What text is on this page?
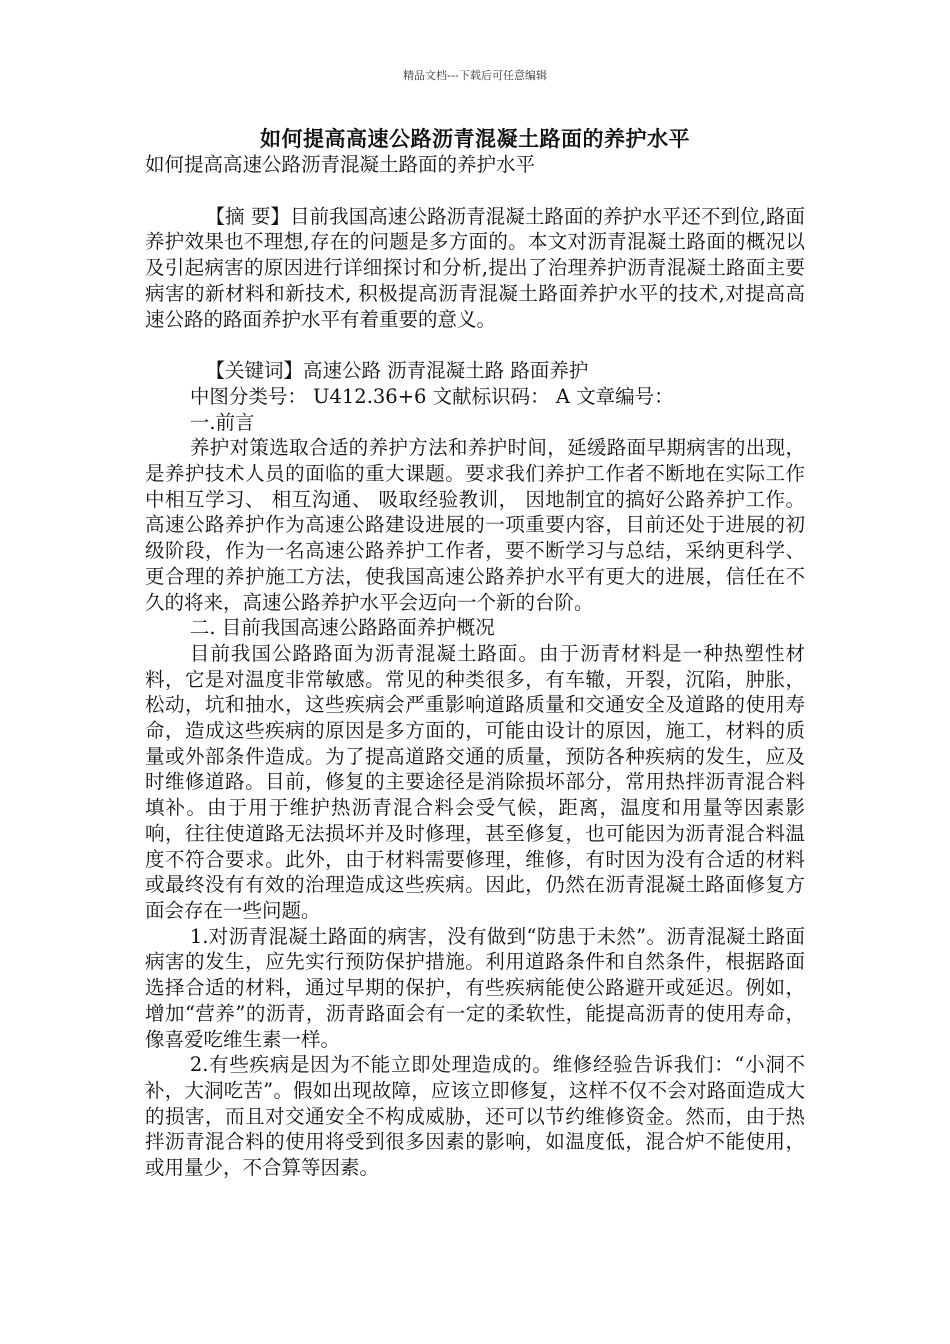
精品文档---下载后可任意编辑
如何提高高速公路沥青混凝土路面的养护水平

如何提高高速公路沥青混凝土路面的养护水平

【摘 要】目前我国高速公路沥青混凝土路面的养护水平还不到位,路面养护效果也不理想,存在的问题是多方面的。本文对沥青混凝土路面的概况以及引起病害的原因进行详细探讨和分析,提出了治理养护沥青混凝土路面主要病害的新材料和新技术, 积极提高沥青混凝土路面养护水平的技术,对提高高速公路的路面养护水平有着重要的意义。

【关键词】高速公路 沥青混凝土路 路面养护

中图分类号： U412.36+6 文献标识码： A 文章编号：

一.前言

养护对策选取合适的养护方法和养护时间，延缓路面早期病害的出现， 是养护技术人员的面临的重大课题。要求我们养护工作者不断地在实际工作中相互学习、 相互沟通、 吸取经验教训， 因地制宜的搞好公路养护工作。高速公路养护作为高速公路建设进展的一项重要内容，目前还处于进展的初级阶段，作为一名高速公路养护工作者，要不断学习与总结，采纳更科学、更合理的养护施工方法，使我国高速公路养护水平有更大的进展，信任在不久的将来，高速公路养护水平会迈向一个新的台阶。

二. 目前我国高速公路路面养护概况

目前我国公路路面为沥青混凝土路面。由于沥青材料是一种热塑性材料，它是对温度非常敏感。常见的种类很多，有车辙，开裂，沉陷，肿胀，松动，坑和抽水，这些疾病会严重影响道路质量和交通安全及道路的使用寿命，造成这些疾病的原因是多方面的，可能由设计的原因，施工，材料的质量或外部条件造成。为了提高道路交通的质量，预防各种疾病的发生，应及时维修道路。目前，修复的主要途径是消除损坏部分，常用热拌沥青混合料填补。由于用于维护热沥青混合料会受气候，距离，温度和用量等因素影响，往往使道路无法损坏并及时修理，甚至修复，也可能因为沥青混合料温度不符合要求。此外，由于材料需要修理，维修，有时因为没有合适的材料或最终没有有效的治理造成这些疾病。因此，仍然在沥青混凝土路面修复方面会存在一些问题。

1.对沥青混凝土路面的病害，没有做到“防患于未然”。沥青混凝土路面病害的发生，应先实行预防保护措施。利用道路条件和自然条件，根据路面选择合适的材料，通过早期的保护，有些疾病能使公路避开或延迟。例如，增加“营养”的沥青，沥青路面会有一定的柔软性，能提高沥青的使用寿命，像喜爱吃维生素一样。

2.有些疾病是因为不能立即处理造成的。维修经验告诉我们：“小洞不补，大洞吃苦”。假如出现故障，应该立即修复，这样不仅不会对路面造成大的损害，而且对交通安全不构成威胁，还可以节约维修资金。然而，由于热拌沥青混合料的使用将受到很多因素的影响，如温度低，混合炉不能使用，或用量少，不合算等因素。
